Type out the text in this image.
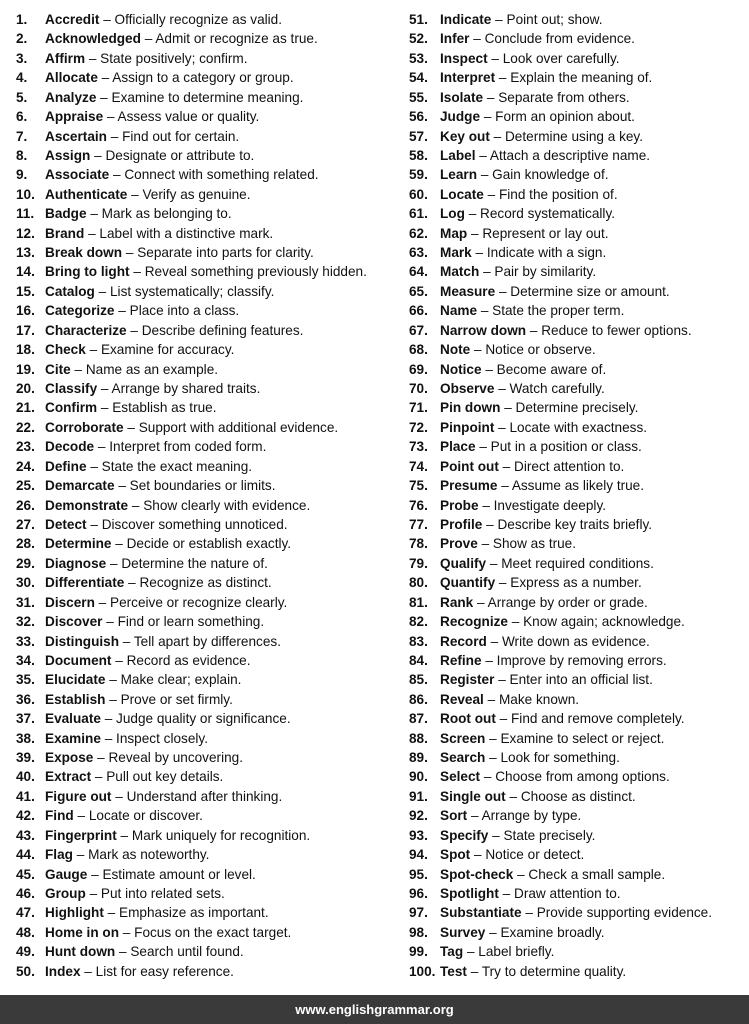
1. Accredit – Officially recognize as valid.
2. Acknowledged – Admit or recognize as true.
3. Affirm – State positively; confirm.
4. Allocate – Assign to a category or group.
5. Analyze – Examine to determine meaning.
6. Appraise – Assess value or quality.
7. Ascertain – Find out for certain.
8. Assign – Designate or attribute to.
9. Associate – Connect with something related.
10. Authenticate – Verify as genuine.
11. Badge – Mark as belonging to.
12. Brand – Label with a distinctive mark.
13. Break down – Separate into parts for clarity.
14. Bring to light – Reveal something previously hidden.
15. Catalog – List systematically; classify.
16. Categorize – Place into a class.
17. Characterize – Describe defining features.
18. Check – Examine for accuracy.
19. Cite – Name as an example.
20. Classify – Arrange by shared traits.
21. Confirm – Establish as true.
22. Corroborate – Support with additional evidence.
23. Decode – Interpret from coded form.
24. Define – State the exact meaning.
25. Demarcate – Set boundaries or limits.
26. Demonstrate – Show clearly with evidence.
27. Detect – Discover something unnoticed.
28. Determine – Decide or establish exactly.
29. Diagnose – Determine the nature of.
30. Differentiate – Recognize as distinct.
31. Discern – Perceive or recognize clearly.
32. Discover – Find or learn something.
33. Distinguish – Tell apart by differences.
34. Document – Record as evidence.
35. Elucidate – Make clear; explain.
36. Establish – Prove or set firmly.
37. Evaluate – Judge quality or significance.
38. Examine – Inspect closely.
39. Expose – Reveal by uncovering.
40. Extract – Pull out key details.
41. Figure out – Understand after thinking.
42. Find – Locate or discover.
43. Fingerprint – Mark uniquely for recognition.
44. Flag – Mark as noteworthy.
45. Gauge – Estimate amount or level.
46. Group – Put into related sets.
47. Highlight – Emphasize as important.
48. Home in on – Focus on the exact target.
49. Hunt down – Search until found.
50. Index – List for easy reference.
51. Indicate – Point out; show.
52. Infer – Conclude from evidence.
53. Inspect – Look over carefully.
54. Interpret – Explain the meaning of.
55. Isolate – Separate from others.
56. Judge – Form an opinion about.
57. Key out – Determine using a key.
58. Label – Attach a descriptive name.
59. Learn – Gain knowledge of.
60. Locate – Find the position of.
61. Log – Record systematically.
62. Map – Represent or lay out.
63. Mark – Indicate with a sign.
64. Match – Pair by similarity.
65. Measure – Determine size or amount.
66. Name – State the proper term.
67. Narrow down – Reduce to fewer options.
68. Note – Notice or observe.
69. Notice – Become aware of.
70. Observe – Watch carefully.
71. Pin down – Determine precisely.
72. Pinpoint – Locate with exactness.
73. Place – Put in a position or class.
74. Point out – Direct attention to.
75. Presume – Assume as likely true.
76. Probe – Investigate deeply.
77. Profile – Describe key traits briefly.
78. Prove – Show as true.
79. Qualify – Meet required conditions.
80. Quantify – Express as a number.
81. Rank – Arrange by order or grade.
82. Recognize – Know again; acknowledge.
83. Record – Write down as evidence.
84. Refine – Improve by removing errors.
85. Register – Enter into an official list.
86. Reveal – Make known.
87. Root out – Find and remove completely.
88. Screen – Examine to select or reject.
89. Search – Look for something.
90. Select – Choose from among options.
91. Single out – Choose as distinct.
92. Sort – Arrange by type.
93. Specify – State precisely.
94. Spot – Notice or detect.
95. Spot-check – Check a small sample.
96. Spotlight – Draw attention to.
97. Substantiate – Provide supporting evidence.
98. Survey – Examine broadly.
99. Tag – Label briefly.
100. Test – Try to determine quality.
www.englishgrammar.org
